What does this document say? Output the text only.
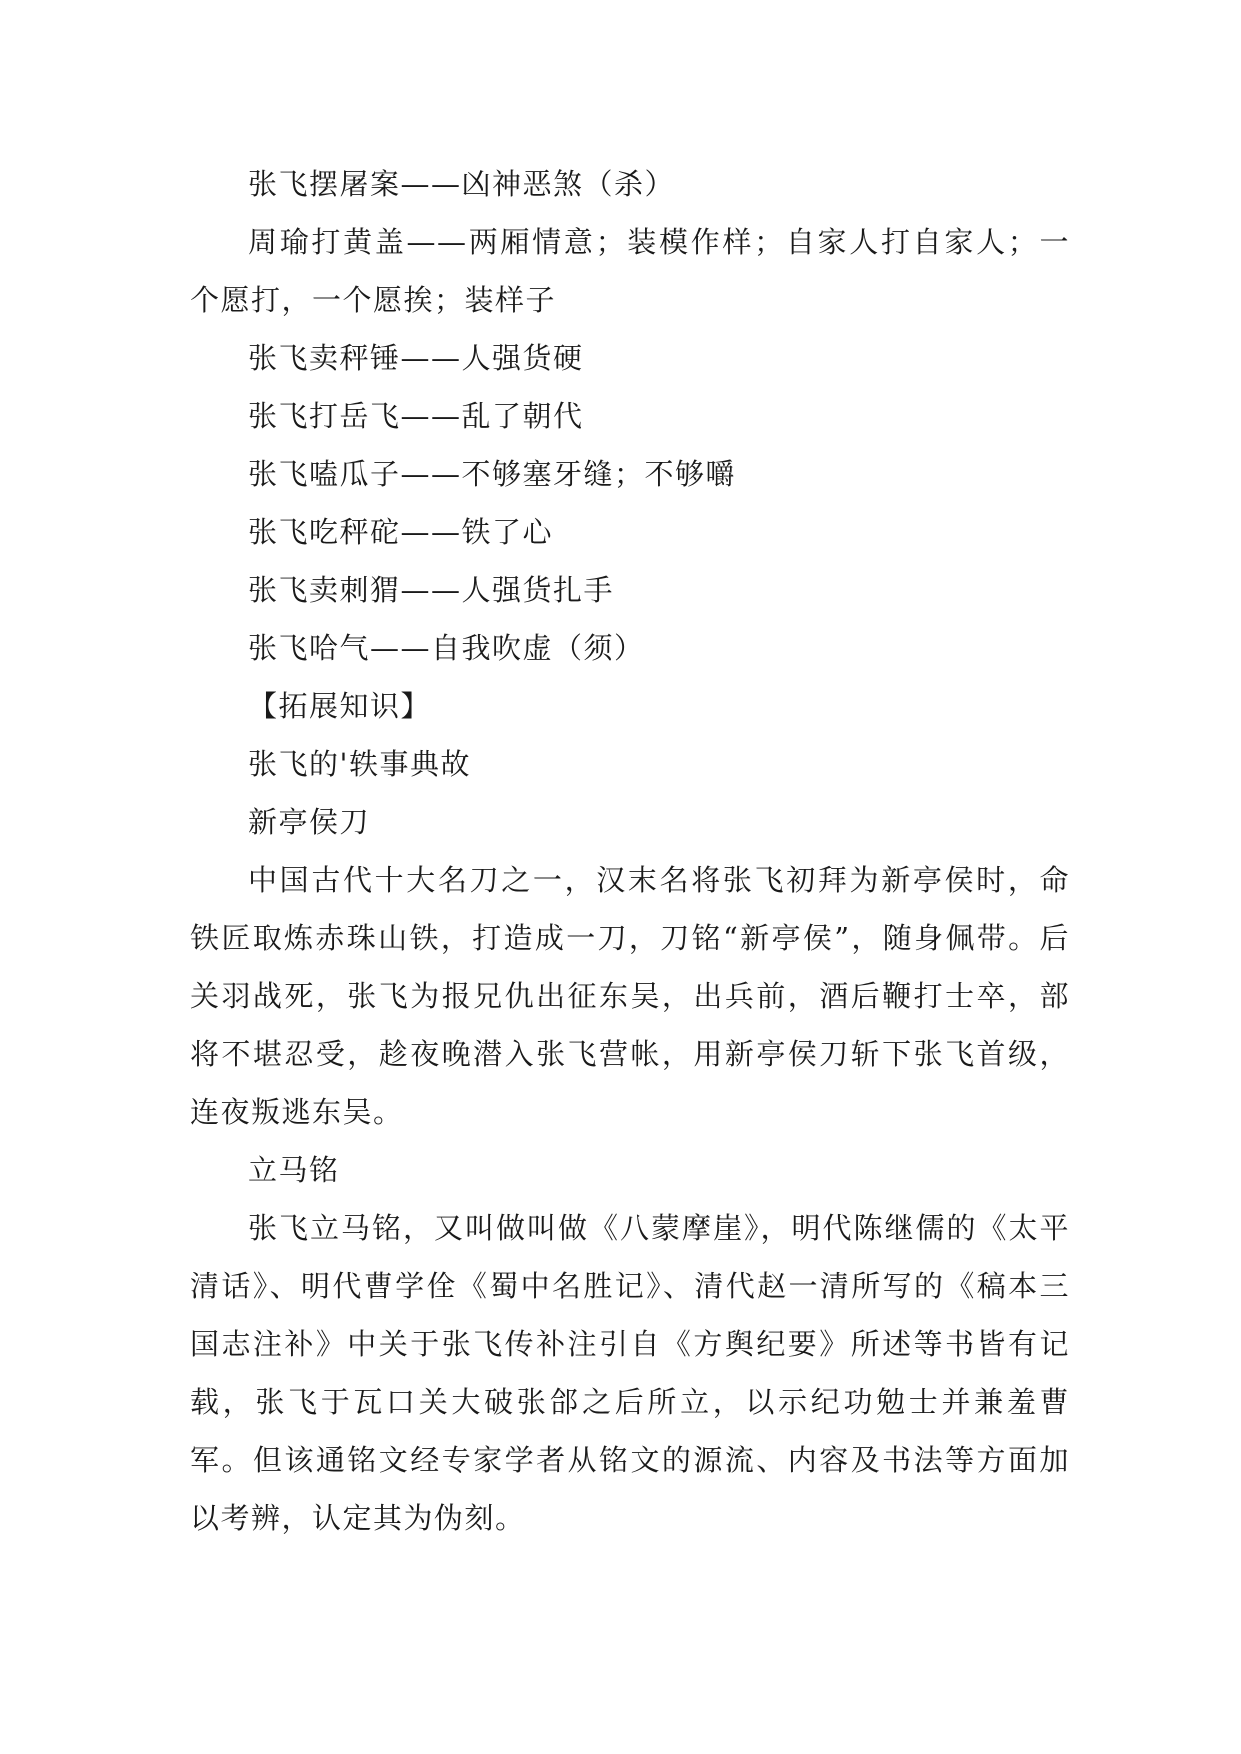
张飞摆屠案——凶神恶煞（杀）

周瑜打黄盖——两厢情意；装模作样；自家人打自家人；一个愿打，一个愿挨；装样子

张飞卖秤锤——人强货硬

张飞打岳飞——乱了朝代

张飞嗑瓜子——不够塞牙缝；不够嚼

张飞吃秤砣——铁了心

张飞卖刺猬——人强货扎手

张飞哈气——自我吹虚（须）

【拓展知识】

张飞的'轶事典故

新亭侯刀

中国古代十大名刀之一，汉末名将张飞初拜为新亭侯时，命铁匠取炼赤珠山铁，打造成一刀，刀铭“新亭侯”，随身佩带。后关羽战死，张飞为报兄仇出征东吴，出兵前，酒后鞭打士卒，部将不堪忍受，趁夜晚潜入张飞营帐，用新亭侯刀斩下张飞首级，连夜叛逃东吴。

立马铭

张飞立马铭，又叫做叫做《八蒙摩崖》，明代陈继儒的《太平清话》、明代曹学佺《蜀中名胜记》、清代赵一清所写的《稿本三国志注补》中关于张飞传补注引自《方舆纪要》所述等书皆有记载，张飞于瓦口关大破张郃之后所立，以示纪功勉士并兼羞曹军。但该通铭文经专家学者从铭文的源流、内容及书法等方面加以考辨，认定其为伪刻。
